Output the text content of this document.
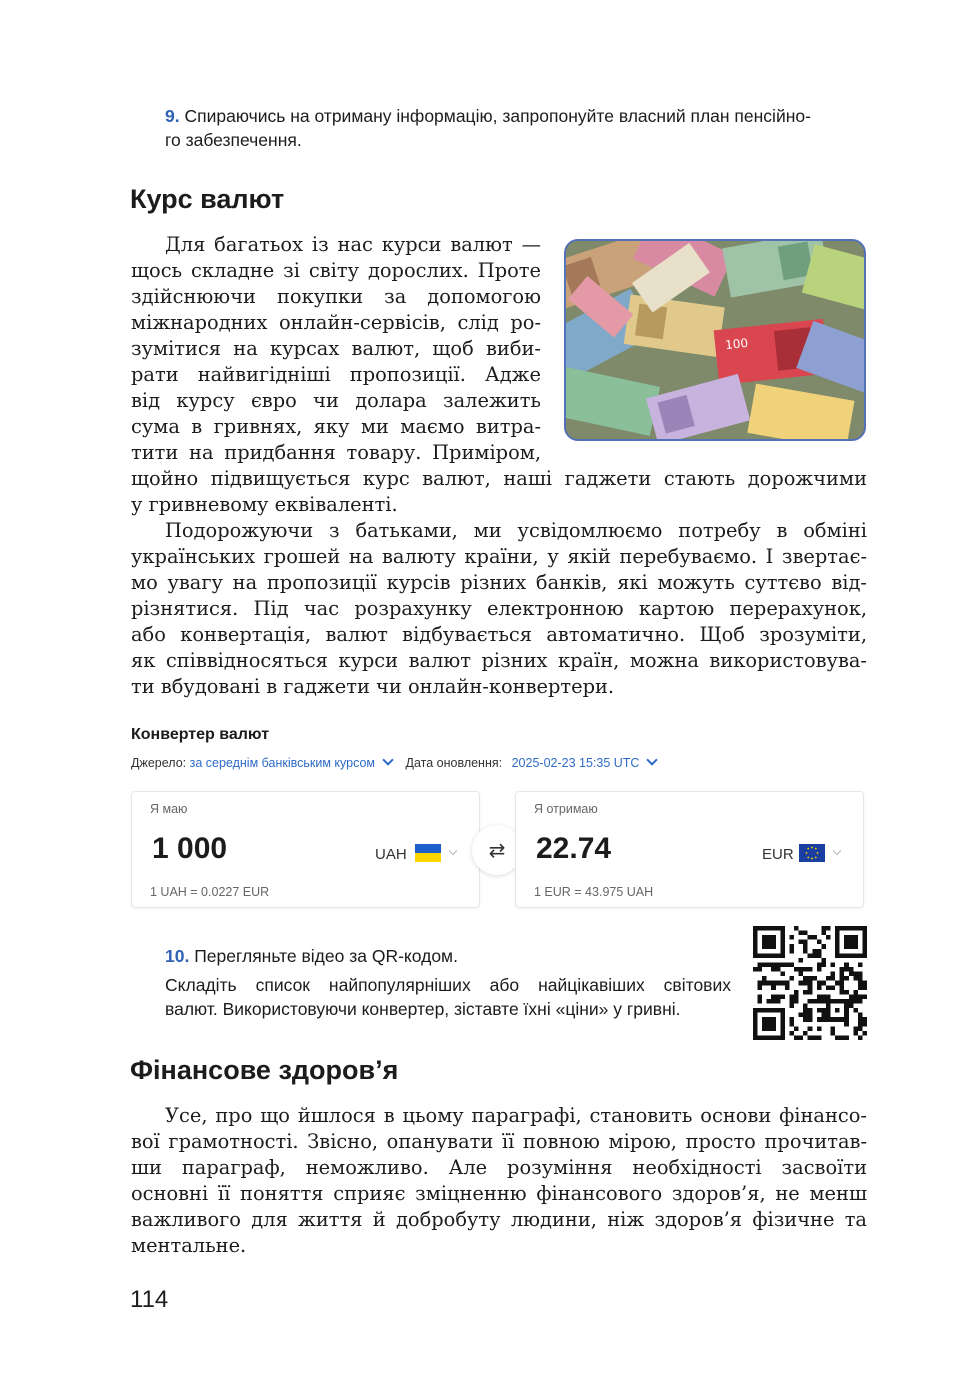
9. Спираючись на отриману інформацію, запропонуйте власний план пенсійно-
го забезпечення.
Курс валют
Для багатьох із нас курси валют —
щось складне зі світу дорослих. Проте
здійснюючи покупки за допомогою
міжнародних онлайн-сервісів, слід ро-
зумітися на курсах валют, щоб виби-
рати найвигідніші пропозиції. Адже
від курсу євро чи долара залежить
сума в гривнях, яку ми маємо витра-
тити на придбання товару. Приміром,
100
щойно підвищується курс валют, наші гаджети стають дорожчими
у гривневому еквіваленті.
Подорожуючи з батьками, ми усвідомлюємо потребу в обміні
українських грошей на валюту країни, у якій перебуваємо. І звертає-
мо увагу на пропозиції курсів різних банків, які можуть суттєво від-
різнятися. Під час розрахунку електронною картою перерахунок,
або конвертація, валют відбувається автоматично. Щоб зрозуміти,
як співвідносяться курси валют різних країн, можна використовува-
ти вбудовані в гаджети чи онлайн-конвертери.
Конвертер валют
Джерело: за середнім банківським курсом Дата оновлення: 2025-02-23 15:35 UTC
Я маю
1 000	UAH
1 UAH = 0.0227 EUR
⇄
Я отримаю
22.74	EUR
1 EUR = 43.975 UAH
10. Перегляньте відео за QR-кодом.
Складіть список найпопулярніших або найцікавіших світових
валют. Використовуючи конвертер, зіставте їхні «ціни» у гривні.
Фінансове здоров’я
Усе, про що йшлося в цьому параграфі, становить основи фінансо-
вої грамотності. Звісно, опанувати її повною мірою, просто прочитав-
ши параграф, неможливо. Але розуміння необхідності засвоїти
основні її поняття сприяє зміцненню фінансового здоров’я, не менш
важливого для життя й добробуту людини, ніж здоров’я фізичне та
ментальне.
114
